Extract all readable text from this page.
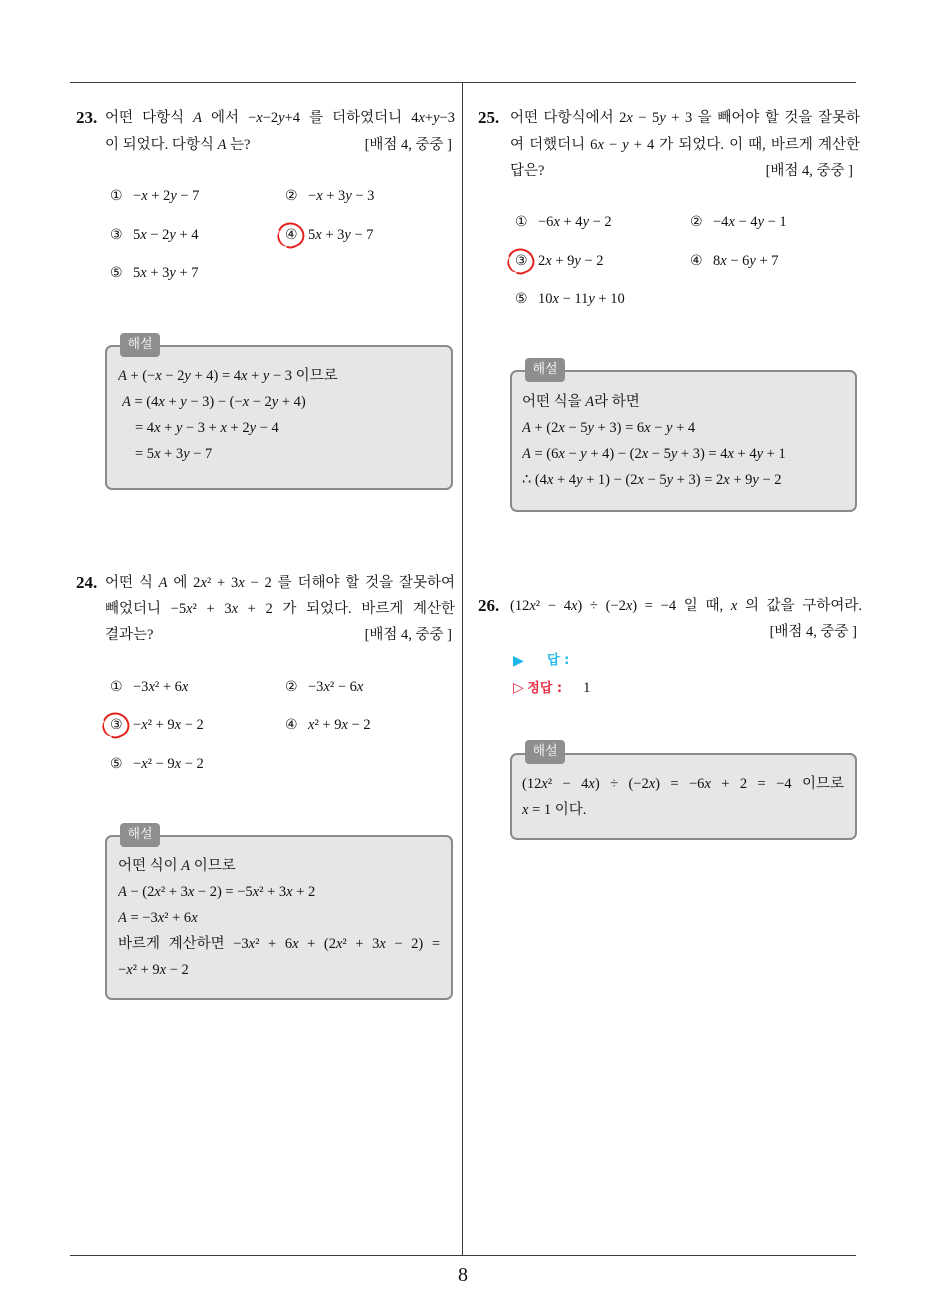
23. 어떤 다항식 A 에서 −x−2y+4 를 더하였더니 4x+y−3
이 되었다. 다항식 A 는?	[배점 4, 중중 ]
① −x + 2y − 7	② −x + 3y − 3
③ 5x − 2y + 4	④ 5x + 3y − 7
⑤ 5x + 3y + 7
해설
A + (−x − 2y + 4) = 4x + y − 3 이므로
A = (4x + y − 3) − (−x − 2y + 4)
= 4x + y − 3 + x + 2y − 4
= 5x + 3y − 7
24. 어떤 식 A 에 2x² + 3x − 2 를 더해야 할 것을 잘못하여
빼었더니 −5x² + 3x + 2 가 되었다. 바르게 계산한
결과는?	[배점 4, 중중 ]
① −3x² + 6x	② −3x² − 6x
③ −x² + 9x − 2	④ x² + 9x − 2
⑤ −x² − 9x − 2
해설
어떤 식이 A 이므로
A − (2x² + 3x − 2) = −5x² + 3x + 2
A = −3x² + 6x
바르게 계산하면 −3x² + 6x + (2x² + 3x − 2) =
−x² + 9x − 2
25. 어떤 다항식에서 2x − 5y + 3 을 빼어야 할 것을 잘못하
여 더했더니 6x − y + 4 가 되었다. 이 때, 바르게 계산한
답은?	[배점 4, 중중 ]
① −6x + 4y − 2	② −4x − 4y − 1
③ 2x + 9y − 2	④ 8x − 6y + 7
⑤ 10x − 11y + 10
해설
어떤 식을 A라 하면
A + (2x − 5y + 3) = 6x − y + 4
A = (6x − y + 4) − (2x − 5y + 3) = 4x + 4y + 1
∴ (4x + 4y + 1) − (2x − 5y + 3) = 2x + 9y − 2
26. (12x² − 4x) ÷ (−2x) = −4 일 때, x 의 값을 구하여라.
[배점 4, 중중 ]
▶ 답 :
▷ 정답 : 1
해설
(12x² − 4x) ÷ (−2x) = −6x + 2 = −4 이므로
x = 1 이다.
8
